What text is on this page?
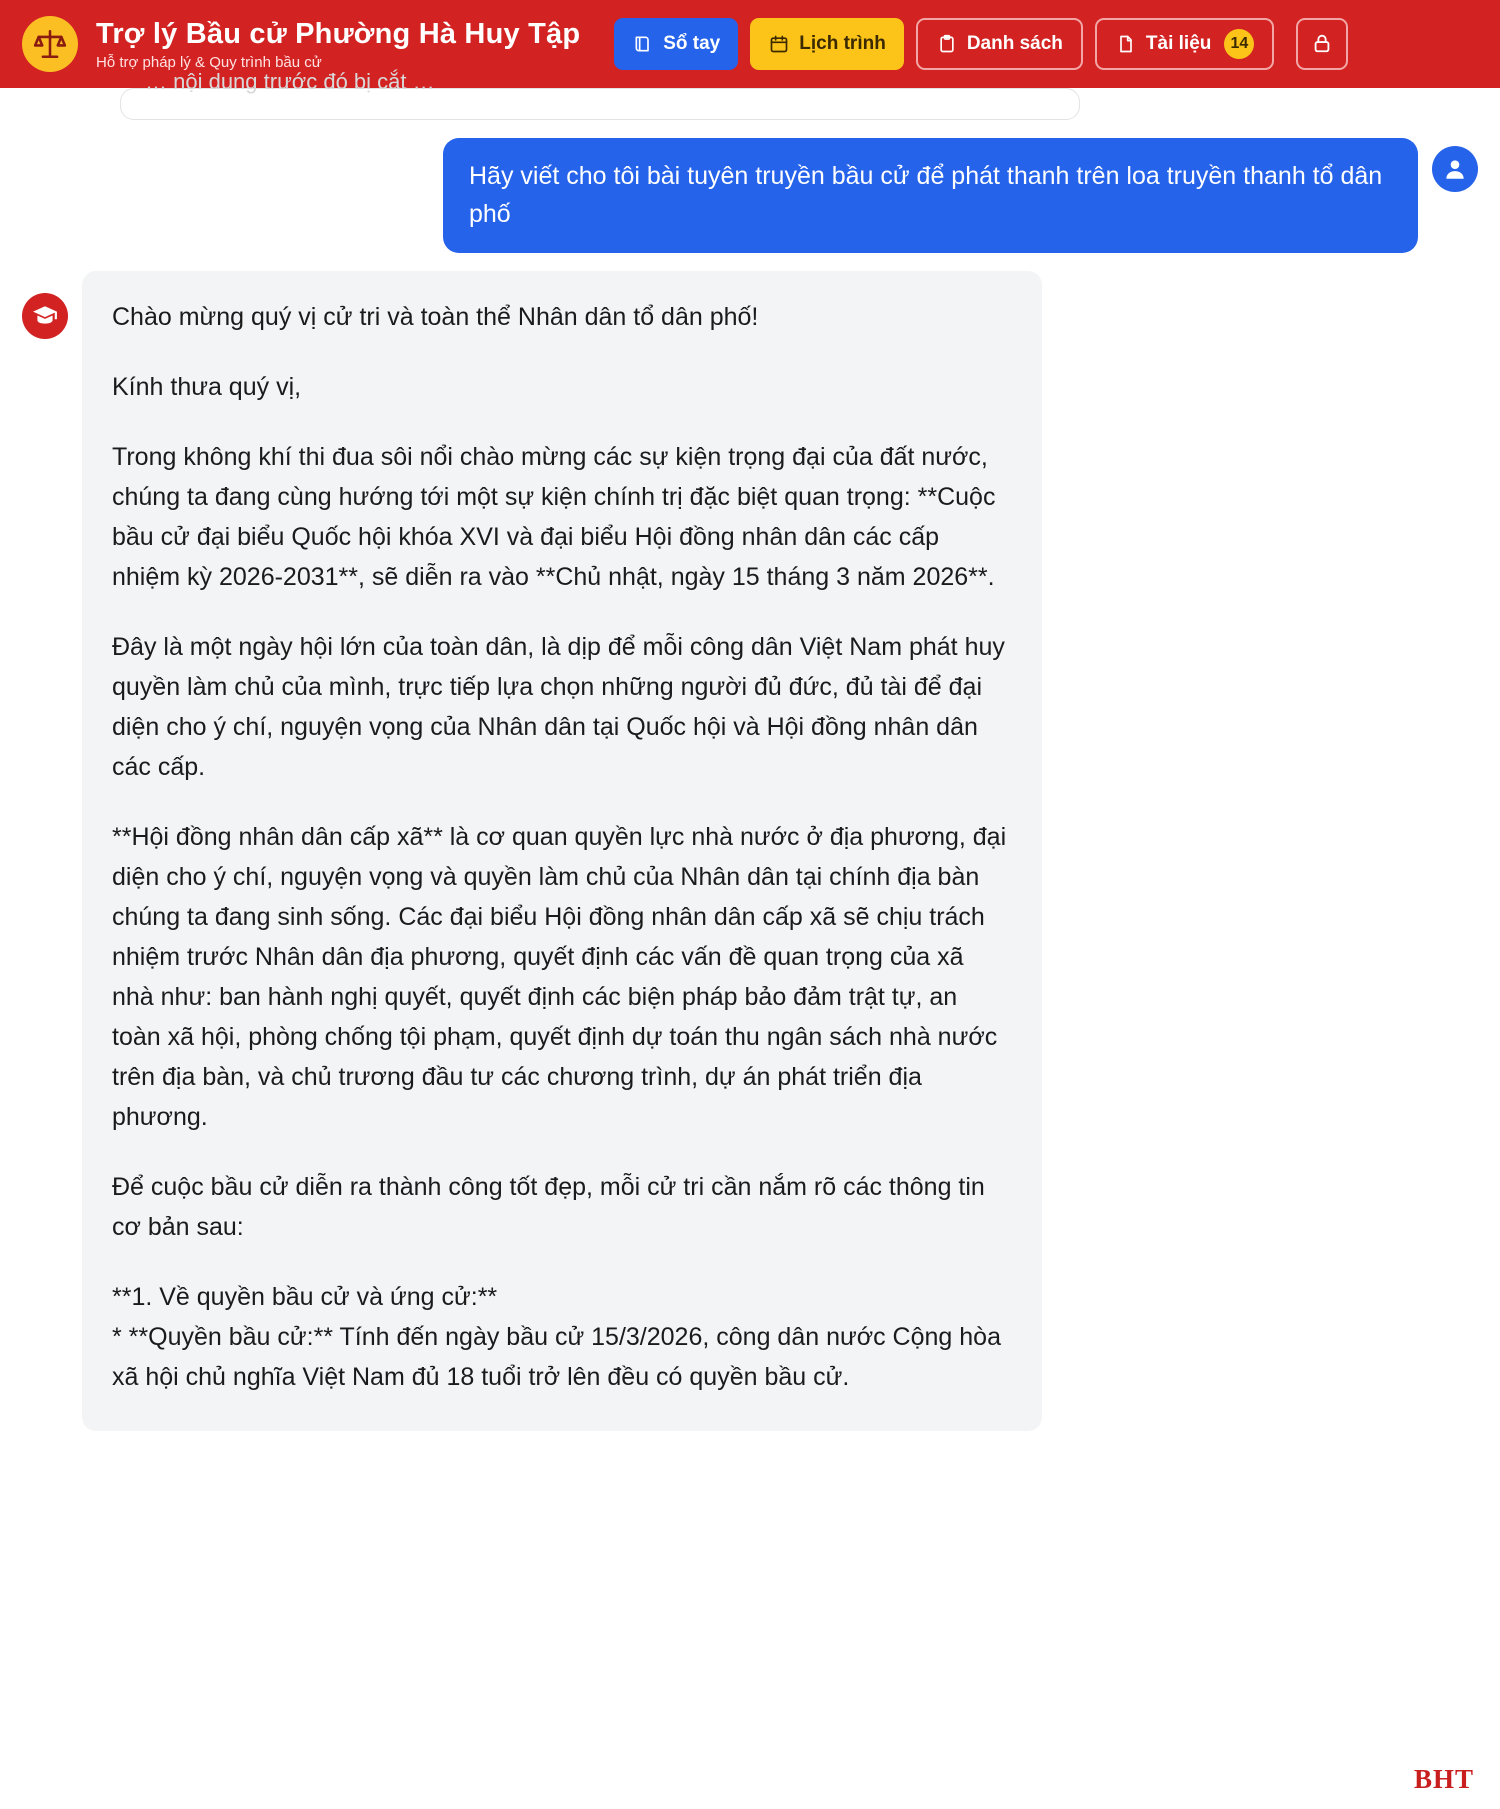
Trợ lý Bầu cử Phường Hà Huy Tập
Hỗ trợ pháp lý & Quy trình bầu cử
Sổ tay	Lịch trình	Danh sách	Tài liệu	14
… nội dung trước đó bị cắt …
Hãy viết cho tôi bài tuyên truyền bầu cử để phát thanh trên loa truyền thanh tổ dân phố

Chào mừng quý vị cử tri và toàn thể Nhân dân tổ dân phố!

Kính thưa quý vị,

Trong không khí thi đua sôi nổi chào mừng các sự kiện trọng đại của đất nước, chúng ta đang cùng hướng tới một sự kiện chính trị đặc biệt quan trọng: **Cuộc bầu cử đại biểu Quốc hội khóa XVI và đại biểu Hội đồng nhân dân các cấp nhiệm kỳ 2026-2031**, sẽ diễn ra vào **Chủ nhật, ngày 15 tháng 3 năm 2026**.

Đây là một ngày hội lớn của toàn dân, là dịp để mỗi công dân Việt Nam phát huy quyền làm chủ của mình, trực tiếp lựa chọn những người đủ đức, đủ tài để đại diện cho ý chí, nguyện vọng của Nhân dân tại Quốc hội và Hội đồng nhân dân các cấp.

**Hội đồng nhân dân cấp xã** là cơ quan quyền lực nhà nước ở địa phương, đại diện cho ý chí, nguyện vọng và quyền làm chủ của Nhân dân tại chính địa bàn chúng ta đang sinh sống. Các đại biểu Hội đồng nhân dân cấp xã sẽ chịu trách nhiệm trước Nhân dân địa phương, quyết định các vấn đề quan trọng của xã nhà như: ban hành nghị quyết, quyết định các biện pháp bảo đảm trật tự, an toàn xã hội, phòng chống tội phạm, quyết định dự toán thu ngân sách nhà nước trên địa bàn, và chủ trương đầu tư các chương trình, dự án phát triển địa phương.

Để cuộc bầu cử diễn ra thành công tốt đẹp, mỗi cử tri cần nắm rõ các thông tin cơ bản sau:

**1. Về quyền bầu cử và ứng cử:**

* **Quyền bầu cử:** Tính đến ngày bầu cử 15/3/2026, công dân nước Cộng hòa xã hội chủ nghĩa Việt Nam đủ 18 tuổi trở lên đều có quyền bầu cử.

BHT
